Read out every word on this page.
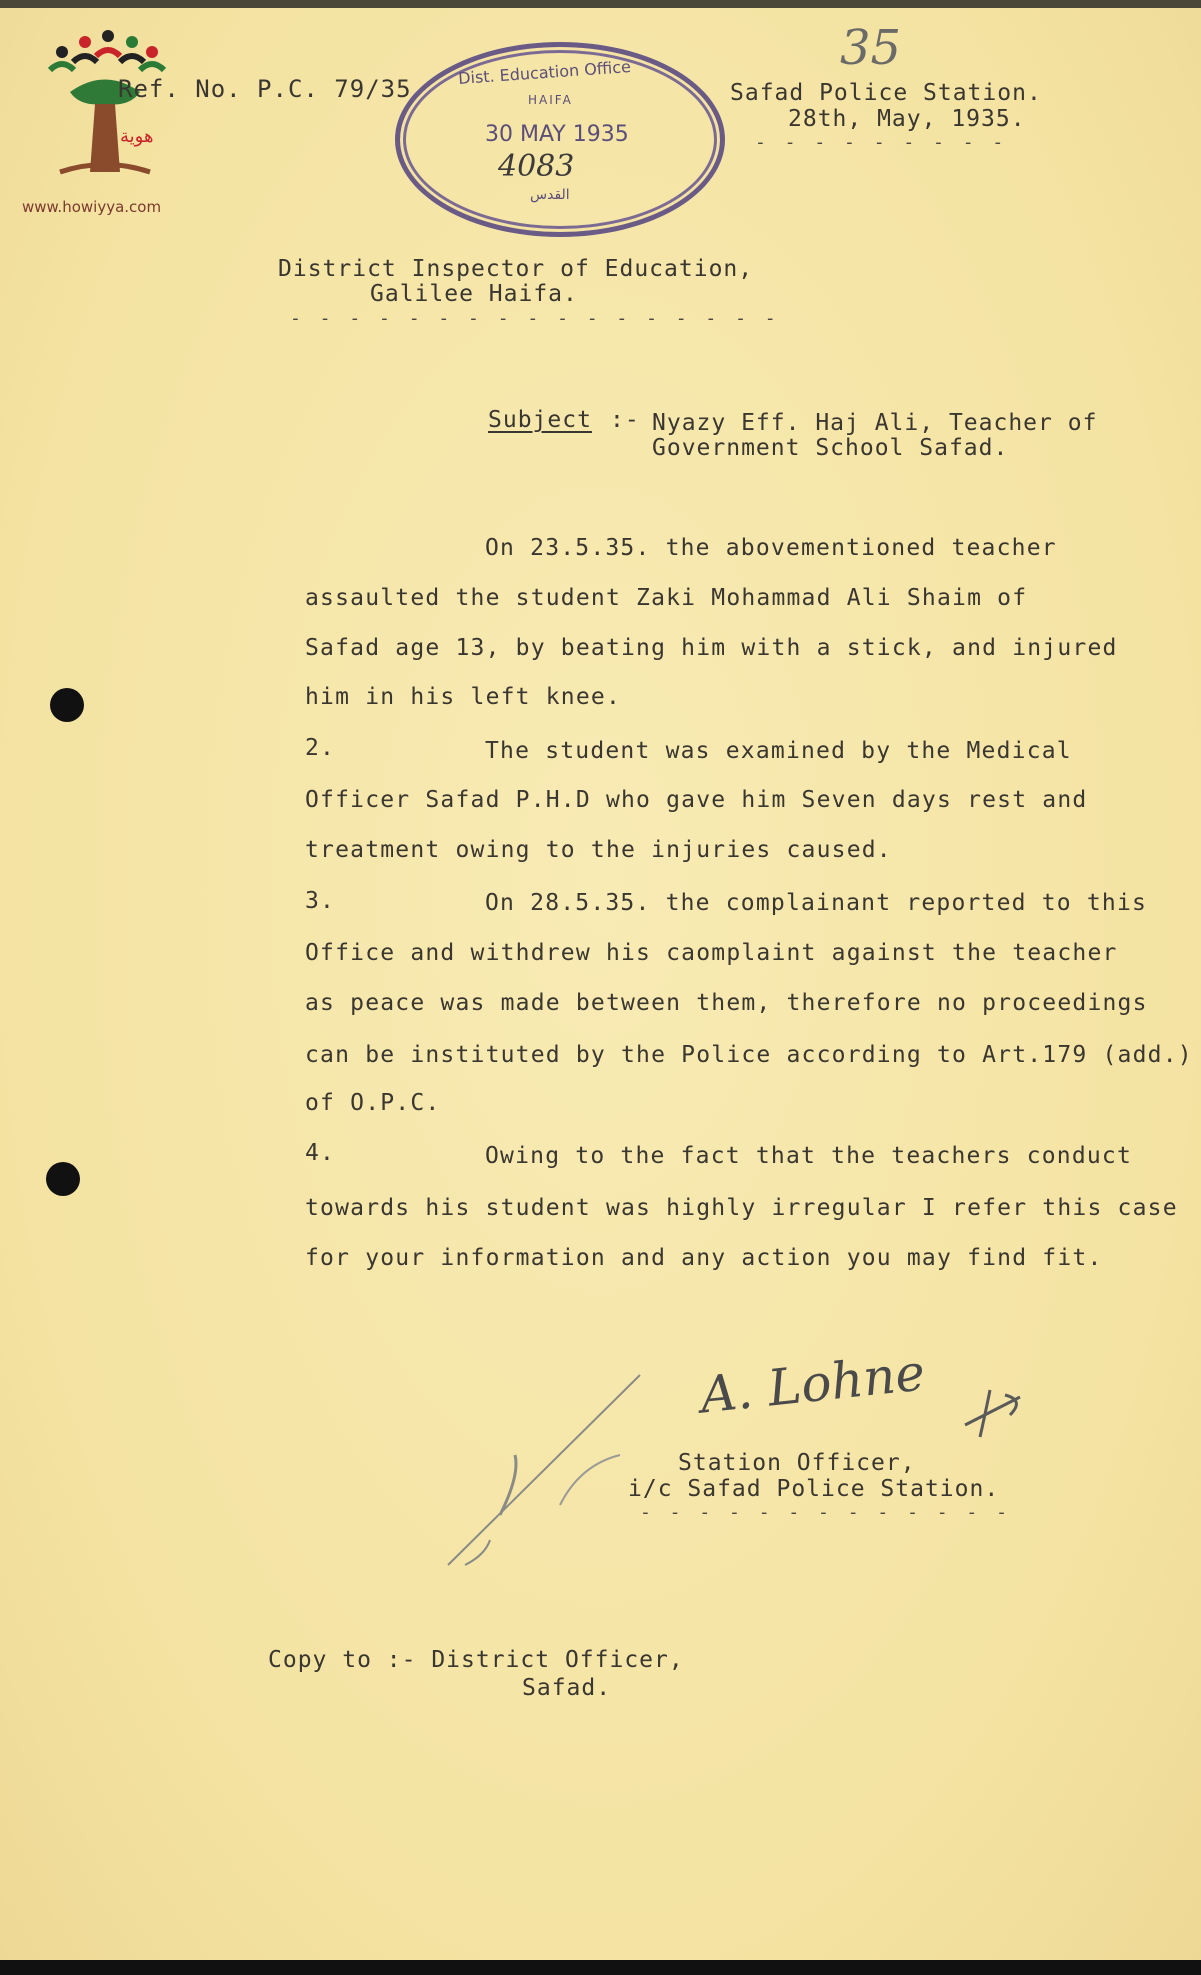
هوية
www.howiyya.com
Ref. No. P.C. 79/35.
Dist. Education Office
HAIFA
30 MAY 1935
4083
القدس
35
Safad Police Station.
28th, May, 1935.
- - - - - - - - -
District Inspector of Education,
Galilee Haifa.
- - - - - - - - - - - - - - - - -
Subject :- Nyazy Eff. Haj Ali, Teacher of
Government School Safad.
On 23.5.35. the abovementioned teacher
assaulted the student Zaki Mohammad Ali Shaim of
Safad age 13, by beating him with a stick, and injured
him in his left knee.
2.	The student was examined by the Medical
Officer Safad P.H.D who gave him Seven days rest and
treatment owing to the injuries caused.
3.	On 28.5.35. the complainant reported to this
Office and withdrew his caomplaint against the teacher
as peace was made between them, therefore no proceedings
can be instituted by the Police according to Art.179 (add.)
of O.P.C.
4.	Owing to the fact that the teachers conduct
towards his student was highly irregular I refer this case
for your information and any action you may find fit.
A. Lohne
Station Officer,
i/c Safad Police Station.
- - - - - - - - - - - - -
Copy to :- District Officer,
Safad.
